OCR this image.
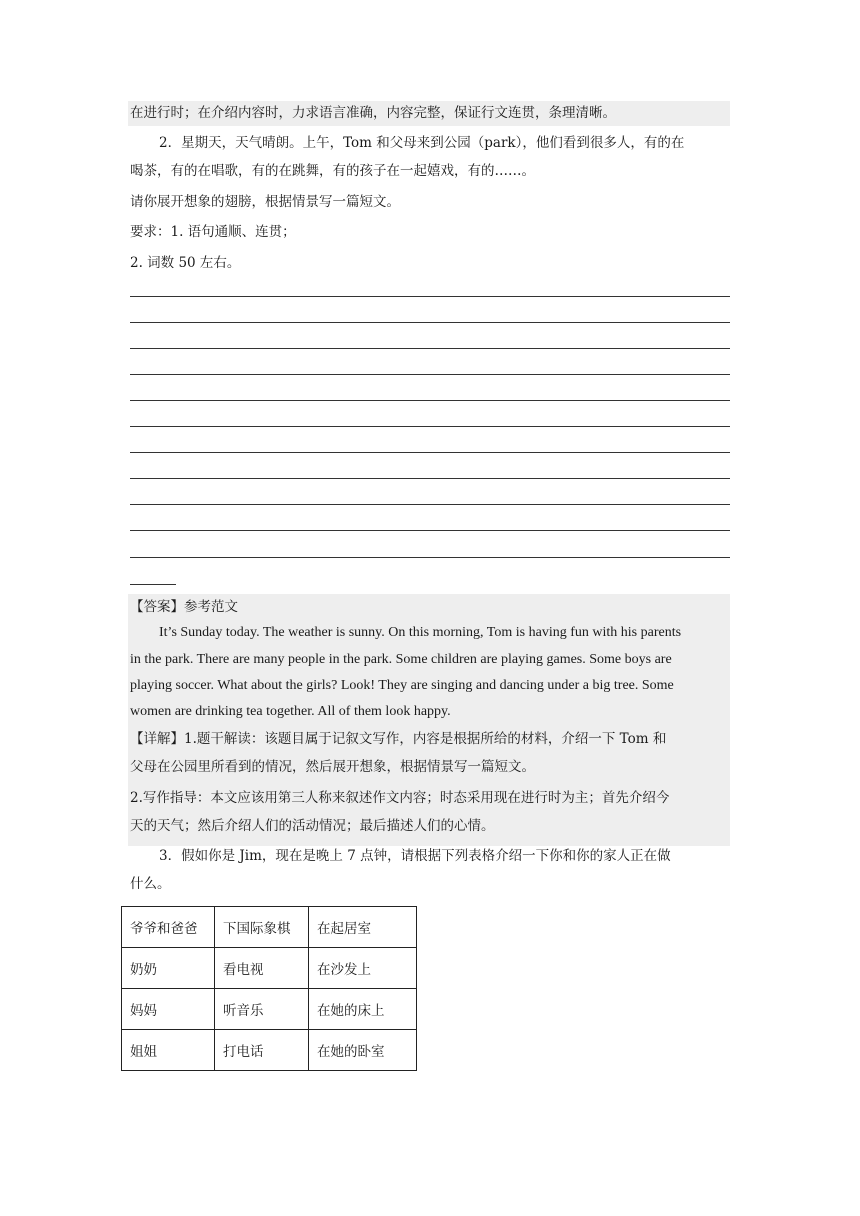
在进行时；在介绍内容时，力求语言准确，内容完整，保证行文连贯，条理清晰。
2．星期天，天气晴朗。上午，Tom 和父母来到公园（park），他们看到很多人，有的在
喝茶，有的在唱歌，有的在跳舞，有的孩子在一起嬉戏，有的……。
请你展开想象的翅膀，根据情景写一篇短文。
要求：1. 语句通顺、连贯；
2. 词数 50 左右。
【答案】参考范文
It’s Sunday today. The weather is sunny. On this morning, Tom is having fun with his parents
in the park. There are many people in the park. Some children are playing games. Some boys are
playing soccer. What about the girls? Look! They are singing and dancing under a big tree. Some
women are drinking tea together. All of them look happy.
【详解】1.题干解读：该题目属于记叙文写作，内容是根据所给的材料，介绍一下 Tom 和
父母在公园里所看到的情况，然后展开想象，根据情景写一篇短文。
2.写作指导：本文应该用第三人称来叙述作文内容；时态采用现在进行时为主；首先介绍今
天的天气；然后介绍人们的活动情况；最后描述人们的心情。
3．假如你是 Jim，现在是晚上 7 点钟，请根据下列表格介绍一下你和你的家人正在做
什么。
爷爷和爸爸	下国际象棋	在起居室
奶奶	看电视	在沙发上
妈妈	听音乐	在她的床上
姐姐	打电话	在她的卧室
